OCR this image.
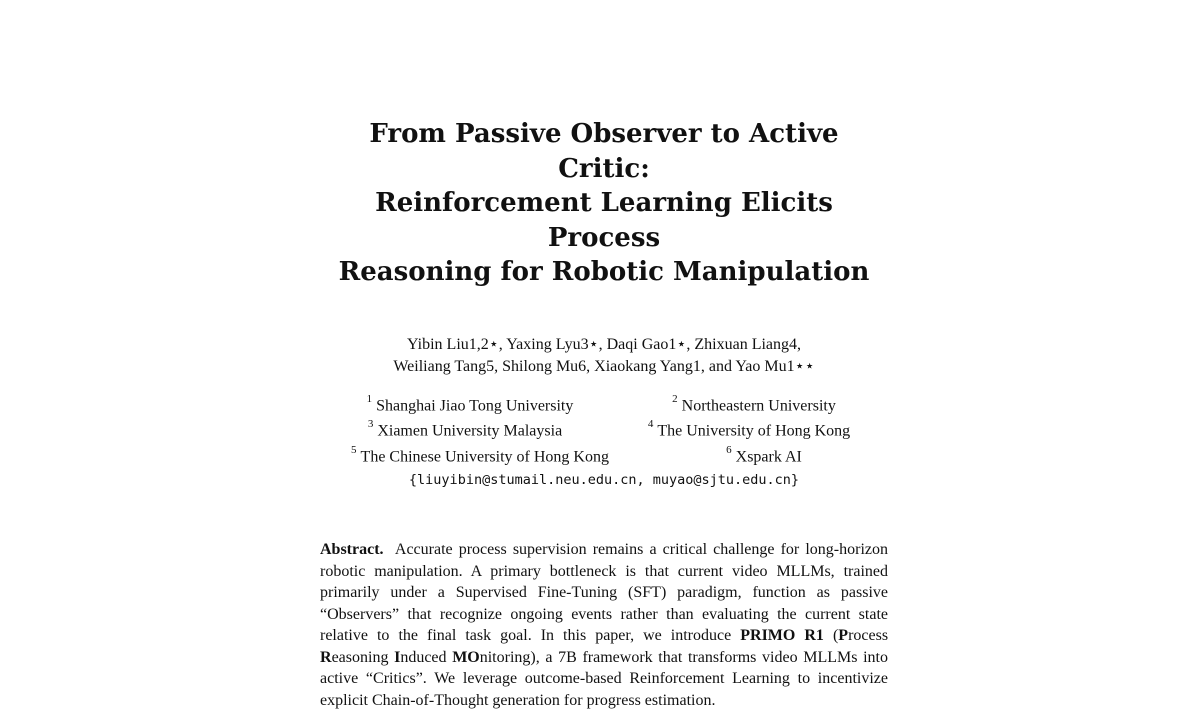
From Passive Observer to Active Critic:
Reinforcement Learning Elicits Process
Reasoning for Robotic Manipulation
Yibin Liu1,2⋆, Yaxing Lyu3⋆, Daqi Gao1⋆, Zhixuan Liang4,
Weiliang Tang5, Shilong Mu6, Xiaokang Yang1, and Yao Mu1⋆⋆
$^1$ Shanghai Jiao Tong University	$^2$ Northeastern University
$^3$ Xiamen University Malaysia	$^4$ The University of Hong Kong
$^5$ The Chinese University of Hong Kong	$^6$ Xspark AI
{liuyibin@stumail.neu.edu.cn, muyao@sjtu.edu.cn}

Abstract. Accurate process supervision remains a critical challenge for long-horizon robotic manipulation. A primary bottleneck is that current video MLLMs, trained primarily under a Supervised Fine-Tuning (SFT) paradigm, function as passive “Observers” that recognize ongoing events rather than evaluating the current state relative to the final task goal. In this paper, we introduce PRIMO R1 (Process Reasoning Induced MOnitoring), a 7B framework that transforms video MLLMs into active “Critics”. We leverage outcome-based Reinforcement Learning to incentivize explicit Chain-of-Thought generation for progress estimation.
